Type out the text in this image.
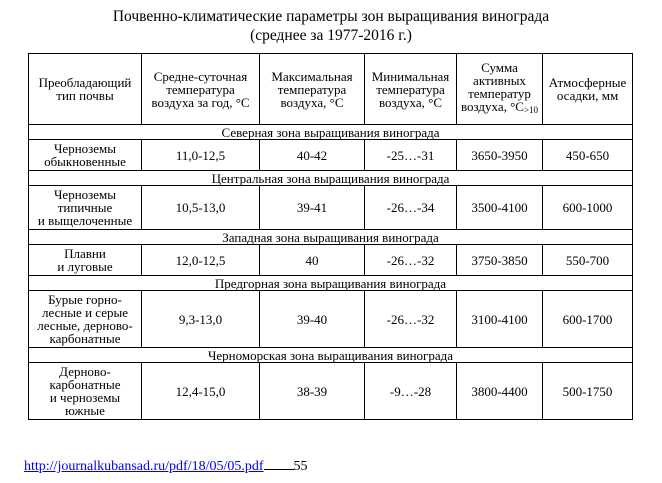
Почвенно-климатические параметры зон выращивания винограда
(среднее за 1977-2016 г.)
Преобладающий тип почвы	Средне-суточная температура воздуха за год, °С	Максимальная температура воздуха, °С	Минимальная температура воздуха, °С	Сумма активных температур воздуха, $^\circ С_{>10}$	Атмосферные осадки, мм
Северная зона выращивания винограда					

Черноземы
обыкновенные	11,0-12,5	40-42	-25…-31	3650-3950	450-650
Центральная зона выращивания винограда					

Черноземы
типичные
и выщелоченные	10,5-13,0	39-41	-26…-34	3500-4100	600-1000
Западная зона выращивания винограда					

Плавни
и луговые	12,0-12,5	40	-26…-32	3750-3850	550-700
Предгорная зона выращивания винограда					

Бурые горно-
лесные и серые
лесные, дерново-
карбонатные	9,3-13,0	39-40	-26…-32	3100-4100	600-1700
Черноморская зона выращивания винограда					

Дерново-
карбонатные
и черноземы
южные	12,4-15,0	38-39	-9…-28	3800-4400	500-1750
http://journalkubansad.ru/pdf/18/05/05.pdf 55
